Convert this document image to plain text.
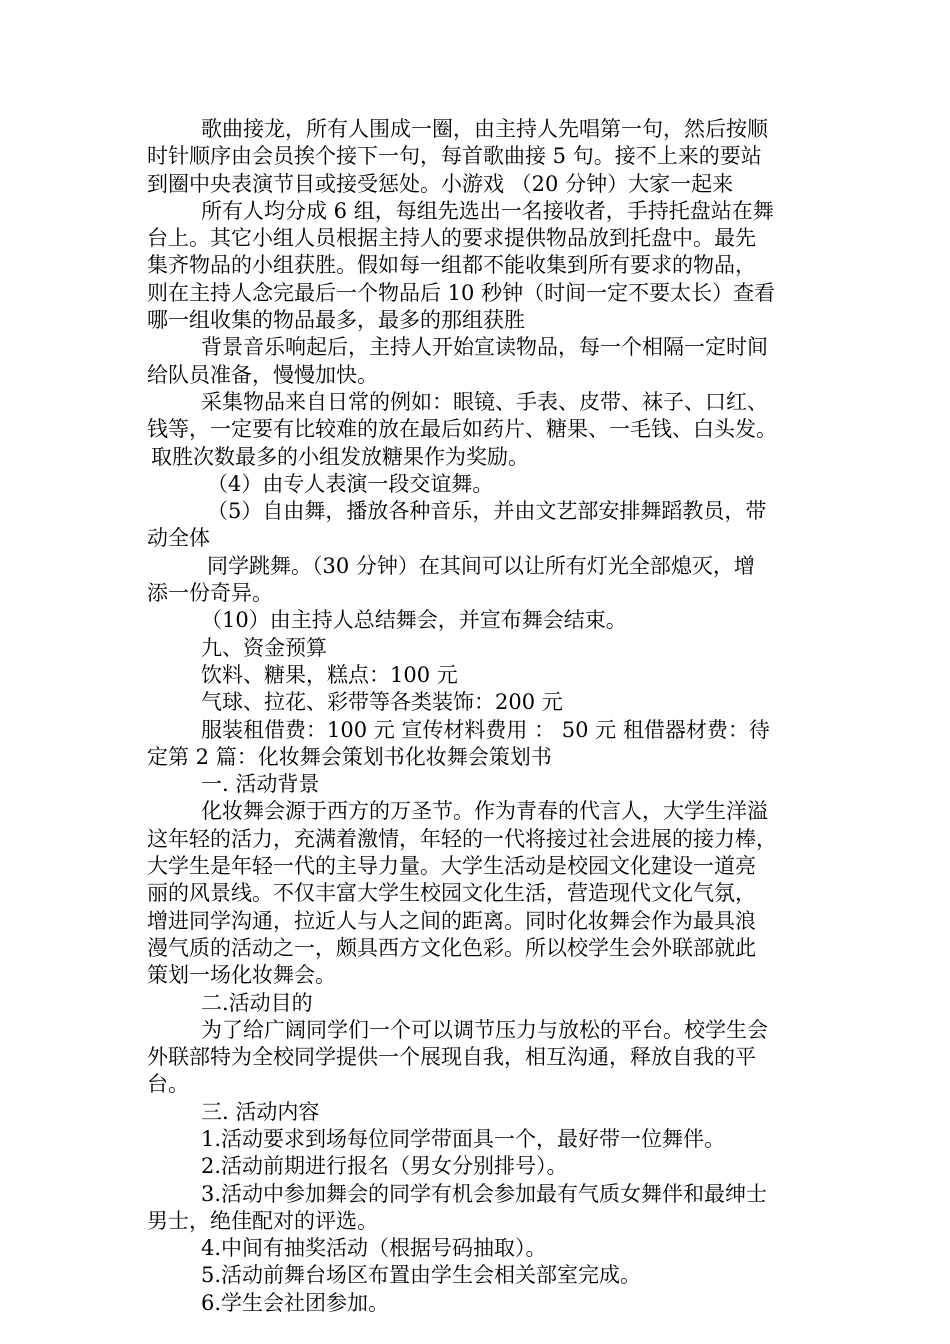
歌曲接龙，所有人围成一圈，由主持人先唱第一句，然后按顺
时针顺序由会员挨个接下一句，每首歌曲接 5 句。接不上来的要站
到圈中央表演节目或接受惩处。小游戏 （20 分钟）大家一起来
所有人均分成 6 组，每组先选出一名接收者，手持托盘站在舞
台上。其它小组人员根据主持人的要求提供物品放到托盘中。最先
集齐物品的小组获胜。假如每一组都不能收集到所有要求的物品，
则在主持人念完最后一个物品后 10 秒钟（时间一定不要太长）查看
哪一组收集的物品最多，最多的那组获胜
背景音乐响起后，主持人开始宣读物品，每一个相隔一定时间
给队员准备，慢慢加快。
采集物品来自日常的例如：眼镜、手表、皮带、袜子、口红、
钱等，一定要有比较难的放在最后如药片、糖果、一毛钱、白头发。
取胜次数最多的小组发放糖果作为奖励。
（4）由专人表演一段交谊舞。
（5）自由舞，播放各种音乐，并由文艺部安排舞蹈教员，带
动全体
同学跳舞。（30 分钟）在其间可以让所有灯光全部熄灭，增
添一份奇异。
（10）由主持人总结舞会，并宣布舞会结束。
九、资金预算
饮料、糖果，糕点：100 元
气球、拉花、彩带等各类装饰：200 元
服装租借费：100 元 宣传材料费用 ： 50 元 租借器材费：待
定第 2 篇：化妆舞会策划书化妆舞会策划书
一. 活动背景
化妆舞会源于西方的万圣节。作为青春的代言人，大学生洋溢
这年轻的活力，充满着激情，年轻的一代将接过社会进展的接力棒，
大学生是年轻一代的主导力量。大学生活动是校园文化建设一道亮
丽的风景线。不仅丰富大学生校园文化生活，营造现代文化气氛，
增进同学沟通，拉近人与人之间的距离。同时化妆舞会作为最具浪
漫气质的活动之一，颇具西方文化色彩。所以校学生会外联部就此
策划一场化妆舞会。
二.活动目的
为了给广阔同学们一个可以调节压力与放松的平台。校学生会
外联部特为全校同学提供一个展现自我，相互沟通，释放自我的平
台。
三. 活动内容
1.活动要求到场每位同学带面具一个，最好带一位舞伴。
2.活动前期进行报名（男女分别排号）。
3.活动中参加舞会的同学有机会参加最有气质女舞伴和最绅士
男士，绝佳配对的评选。
4.中间有抽奖活动（根据号码抽取）。
5.活动前舞台场区布置由学生会相关部室完成。
6.学生会社团参加。
